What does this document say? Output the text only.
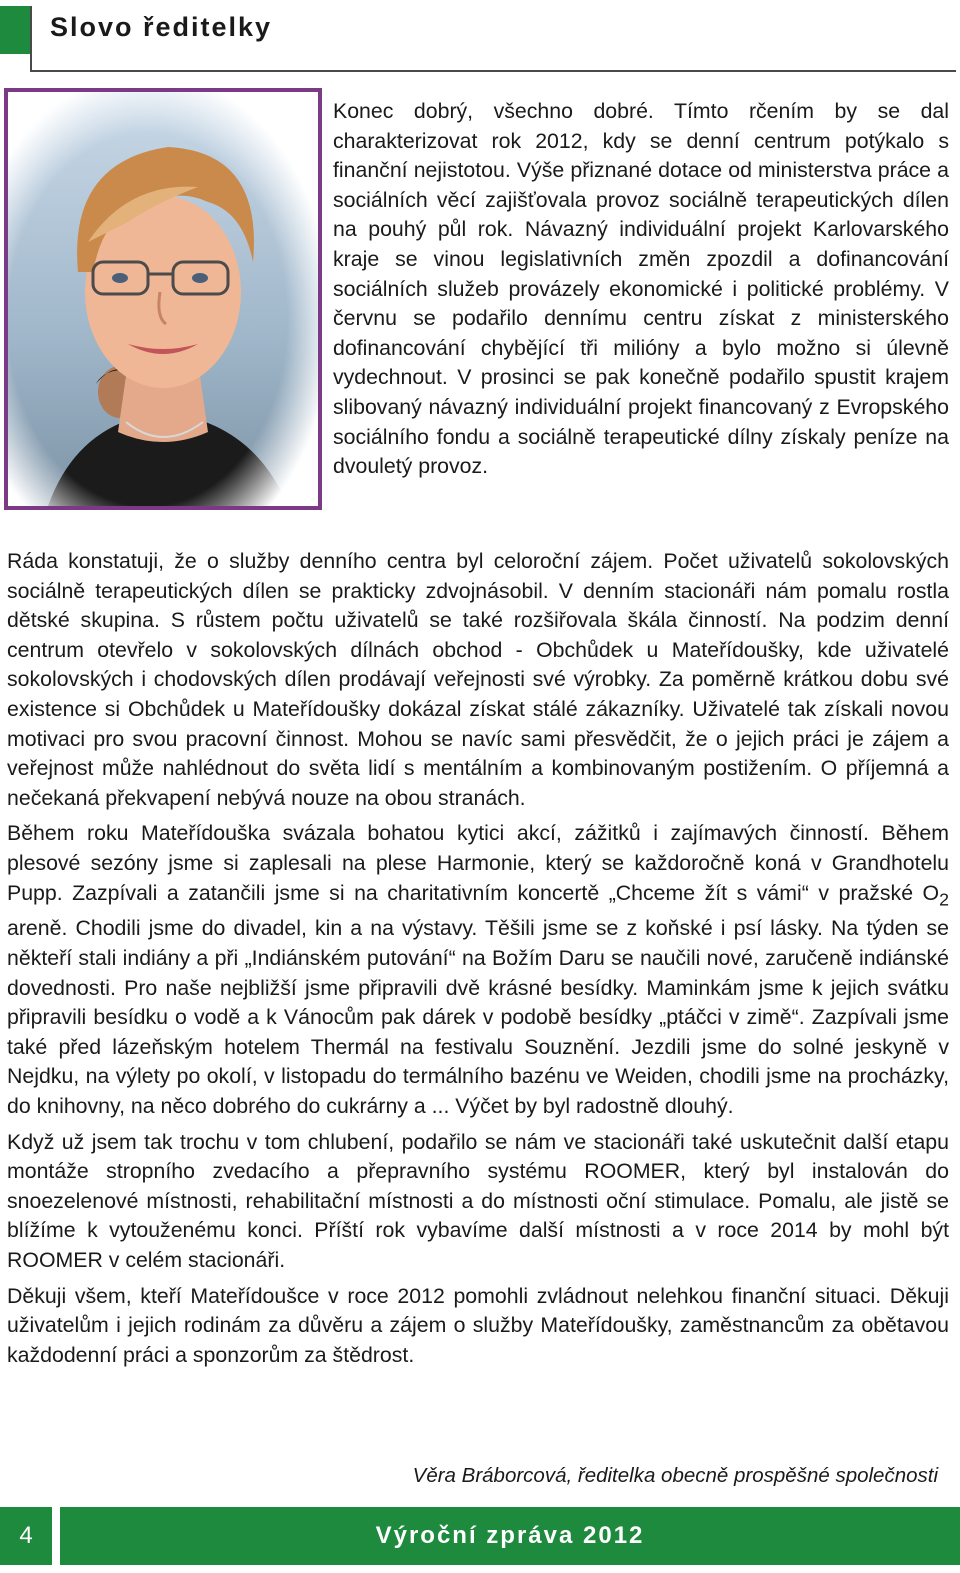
Slovo ředitelky

Konec dobrý, všechno dobré. Tímto rčením by se dal charakterizovat rok 2012, kdy se denní centrum potýkalo s finanční nejistotou. Výše přiznané dotace od ministerstva práce a sociálních věcí zajišťovala provoz sociálně terapeutických dílen na pouhý půl rok. Návazný individuální projekt Karlovarského kraje se vinou legislativních změn zpozdil a dofinancování sociálních služeb provázely ekonomické i politické problémy. V červnu se podařilo dennímu centru získat z ministerského dofinancování chybějící tři milióny a bylo možno si úlevně vydechnout. V prosinci se pak konečně podařilo spustit krajem slibovaný návazný individuální projekt financovaný z Evropského sociálního fondu a sociálně terapeutické dílny získaly peníze na dvouletý provoz.

Ráda konstatuji, že o služby denního centra byl celoroční zájem. Počet uživatelů sokolovských sociálně terapeutických dílen se prakticky zdvojnásobil. V denním stacionáři nám pomalu rostla dětské skupina. S růstem počtu uživatelů se také rozšiřovala škála činností. Na podzim denní centrum otevřelo v sokolovských dílnách obchod - Obchůdek u Mateřídoušky, kde uživatelé sokolovských i chodovských dílen prodávají veřejnosti své výrobky. Za poměrně krátkou dobu své existence si Obchůdek u Mateřídoušky dokázal získat stálé zákazníky. Uživatelé tak získali novou motivaci pro svou pracovní činnost. Mohou se navíc sami přesvědčit, že o jejich práci je zájem a veřejnost může nahlédnout do světa lidí s mentálním a kombinovaným postižením. O příjemná a nečekaná překvapení nebývá nouze na obou stranách.

Během roku Mateřídouška svázala bohatou kytici akcí, zážitků i zajímavých činností. Během plesové sezóny jsme si zaplesali na plese Harmonie, který se každoročně koná v Grandhotelu Pupp. Zazpívali a zatančili jsme si na charitativním koncertě „Chceme žít s vámi“ v pražské $O_2$ areně. Chodili jsme do divadel, kin a na výstavy. Těšili jsme se z koňské i psí lásky. Na týden se někteří stali indiány a při „Indiánském putování“ na Božím Daru se naučili nové, zaručeně indiánské dovednosti. Pro naše nejbližší jsme připravili dvě krásné besídky. Maminkám jsme k jejich svátku připravili besídku o vodě a k Vánocům pak dárek v podobě besídky „ptáčci v zimě“. Zazpívali jsme také před lázeňským hotelem Thermál na festivalu Souznění. Jezdili jsme do solné jeskyně v Nejdku, na výlety po okolí, v listopadu do termálního bazénu ve Weiden, chodili jsme na procházky, do knihovny, na něco dobrého do cukrárny a ... Výčet by byl radostně dlouhý.

Když už jsem tak trochu v tom chlubení, podařilo se nám ve stacionáři také uskutečnit další etapu montáže stropního zvedacího a přepravního systému ROOMER, který byl instalován do snoezelenové místnosti, rehabilitační místnosti a do místnosti oční stimulace. Pomalu, ale jistě se blížíme k vytouženému konci. Příští rok vybavíme další místnosti a v roce 2014 by mohl být ROOMER v celém stacionáři.

Děkuji všem, kteří Mateřídoušce v roce 2012 pomohli zvládnout nelehkou finanční situaci. Děkuji uživatelům i jejich rodinám za důvěru a zájem o služby Mateřídoušky, zaměstnancům za obětavou každodenní práci a sponzorům za štědrost.

Věra Bráborcová, ředitelka obecně prospěšné společnosti
4	Výroční zpráva 2012
